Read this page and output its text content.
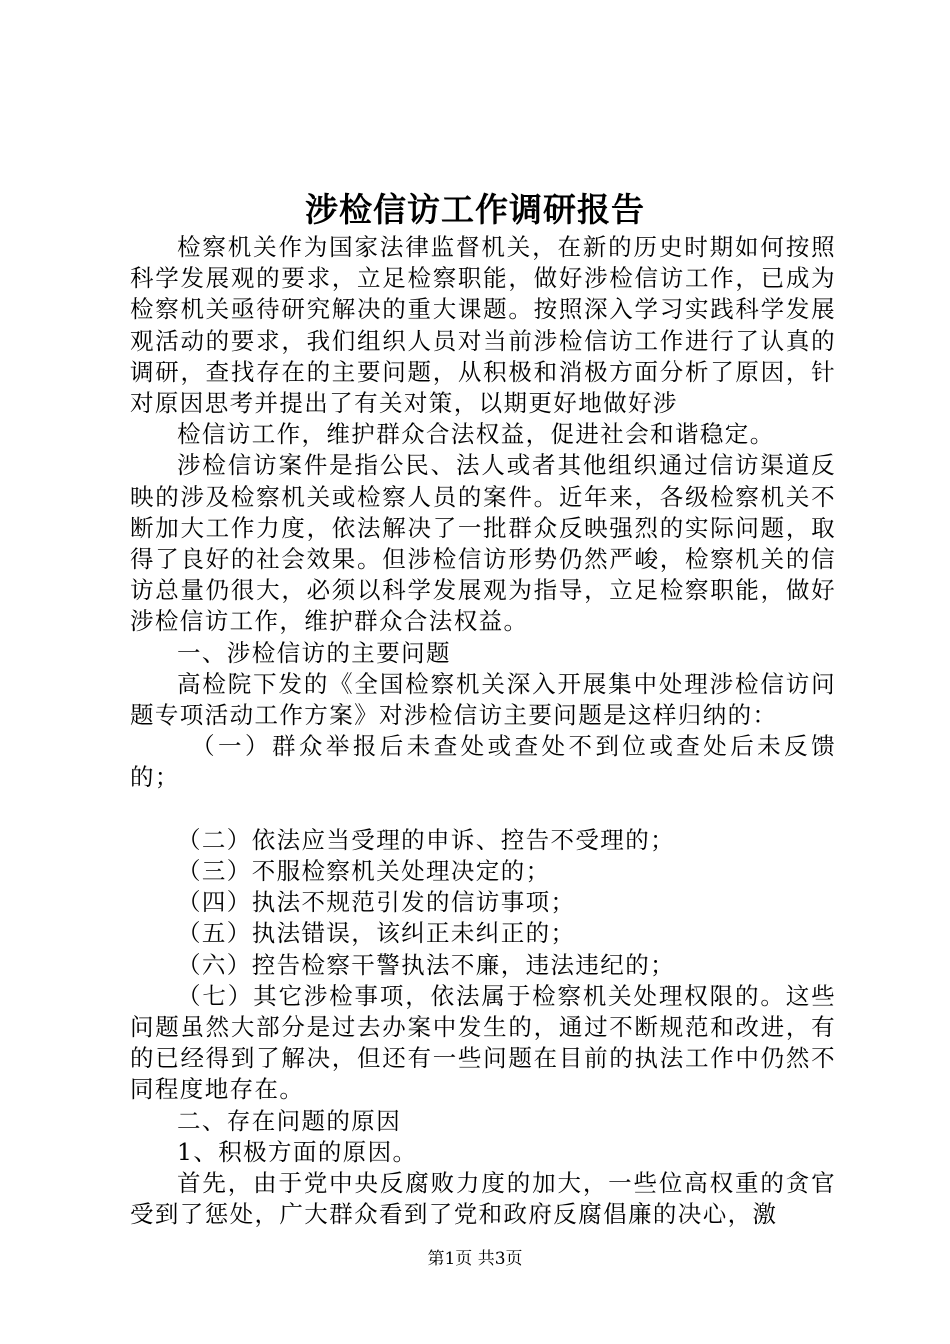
涉检信访工作调研报告

检察机关作为国家法律监督机关，在新的历史时期如何按照科学发展观的要求，立足检察职能，做好涉检信访工作，已成为检察机关亟待研究解决的重大课题。按照深入学习实践科学发展观活动的要求，我们组织人员对当前涉检信访工作进行了认真的调研，查找存在的主要问题，从积极和消极方面分析了原因，针对原因思考并提出了有关对策，以期更好地做好涉

检信访工作，维护群众合法权益，促进社会和谐稳定。

涉检信访案件是指公民、法人或者其他组织通过信访渠道反映的涉及检察机关或检察人员的案件。近年来，各级检察机关不断加大工作力度，依法解决了一批群众反映强烈的实际问题，取得了良好的社会效果。但涉检信访形势仍然严峻，检察机关的信访总量仍很大，必须以科学发展观为指导，立足检察职能，做好涉检信访工作，维护群众合法权益。

一、涉检信访的主要问题

高检院下发的《全国检察机关深入开展集中处理涉检信访问题专项活动工作方案》对涉检信访主要问题是这样归纳的：

（一）群众举报后未查处或查处不到位或查处后未反馈的；

（二）依法应当受理的申诉、控告不受理的；

（三）不服检察机关处理决定的；

（四）执法不规范引发的信访事项；

（五）执法错误，该纠正未纠正的；

（六）控告检察干警执法不廉，违法违纪的；

（七）其它涉检事项，依法属于检察机关处理权限的。这些问题虽然大部分是过去办案中发生的，通过不断规范和改进，有的已经得到了解决，但还有一些问题在目前的执法工作中仍然不同程度地存在。

二、存在问题的原因

1、积极方面的原因。

首先，由于党中央反腐败力度的加大，一些位高权重的贪官受到了惩处，广大群众看到了党和政府反腐倡廉的决心，激

第1页 共3页
